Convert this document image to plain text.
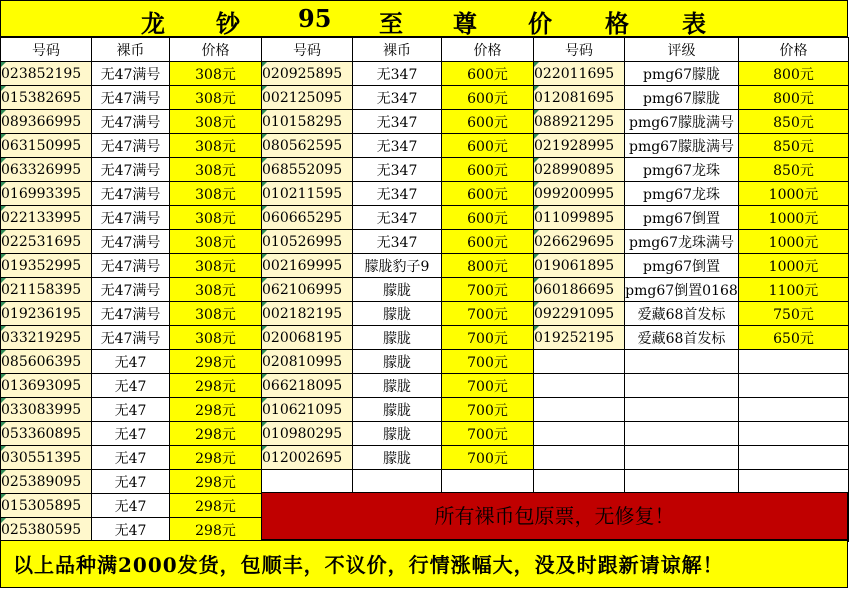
龙 钞 95 至 尊 价 格 表
号码	裸币	价格	号码	裸币	价格	号码	评级	价格
023852195	无47满号	308元	020925895	无347	600元	022011695	pmg67朦胧	800元
015382695	无47满号	308元	002125095	无347	600元	012081695	pmg67朦胧	800元
089366995	无47满号	308元	010158295	无347	600元	088921295	pmg67朦胧满号	850元
063150995	无47满号	308元	080562595	无347	600元	021928995	pmg67朦胧满号	850元
063326995	无47满号	308元	068552095	无347	600元	028990895	pmg67龙珠	850元
016993395	无47满号	308元	010211595	无347	600元	099200995	pmg67龙珠	1000元
022133995	无47满号	308元	060665295	无347	600元	011099895	pmg67倒置	1000元
022531695	无47满号	308元	010526995	无347	600元	026629695	pmg67龙珠满号	1000元
019352995	无47满号	308元	002169995	朦胧豹子9	800元	019061895	pmg67倒置	1000元
021158395	无47满号	308元	062106995	朦胧	700元	060186695	pmg67倒置0168	1100元
019236195	无47满号	308元	002182195	朦胧	700元	092291095	爱藏68首发标	750元
033219295	无47满号	308元	020068195	朦胧	700元	019252195	爱藏68首发标	650元
085606395	无47	298元	020810995	朦胧	700元			
013693095	无47	298元	066218095	朦胧	700元			
033083995	无47	298元	010621095	朦胧	700元			
053360895	无47	298元	010980295	朦胧	700元			
030551395	无47	298元	012002695	朦胧	700元			
025389095	无47	298元						
015305895	无47	298元						
025380595	无47	298元						
所有裸币包原票，无修复！
以上品种满2000发货，包顺丰，不议价，行情涨幅大，没及时跟新请谅解！
